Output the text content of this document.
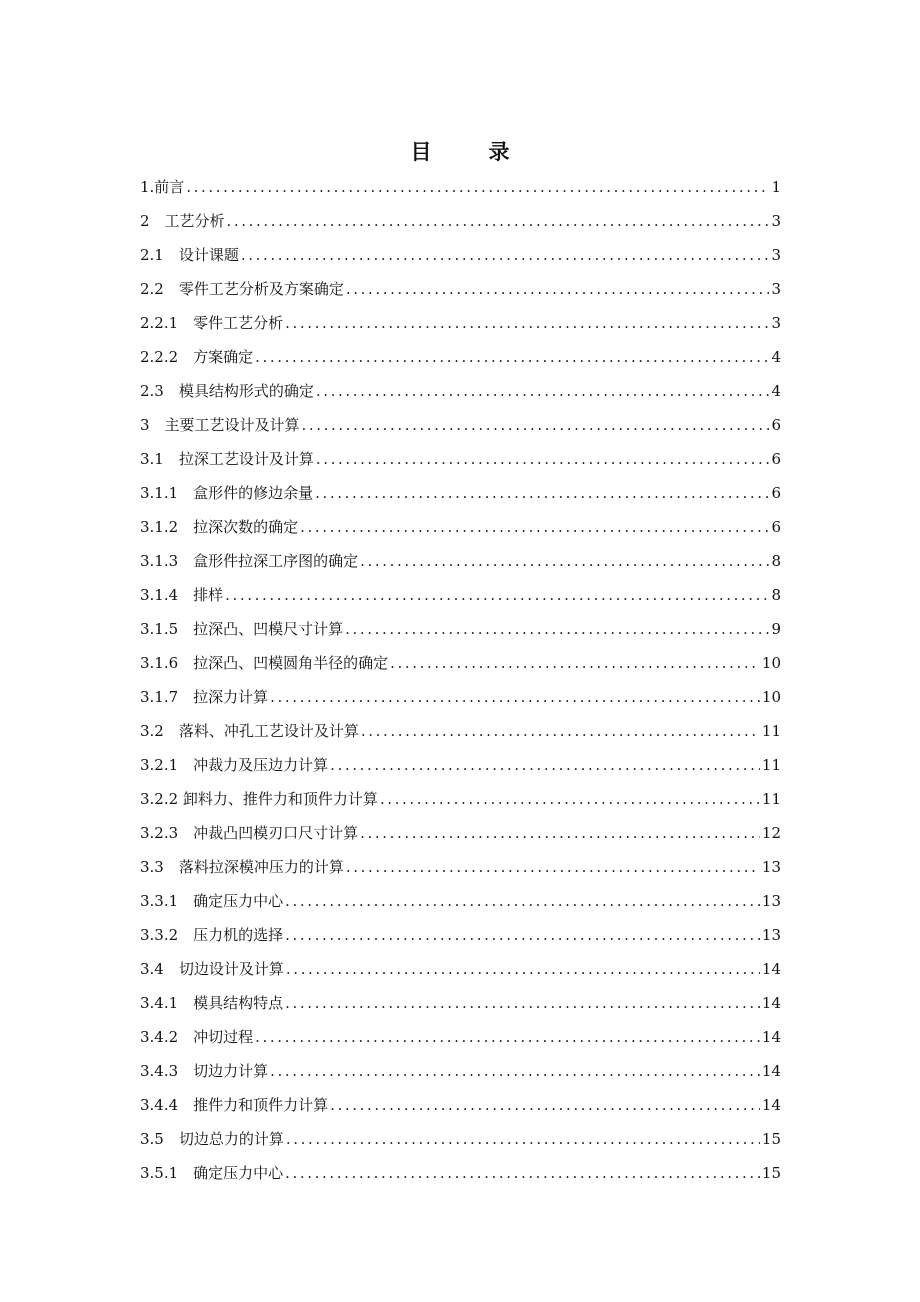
目　录
1.前言 .....	1
2　工艺分析 .....	3
2.1　设计课题 .....	3
2.2　零件工艺分析及方案确定 .....	3
2.2.1　零件工艺分析 .....	3
2.2.2　方案确定 .....	4
2.3　模具结构形式的确定 .....	4
3　主要工艺设计及计算 .....	6
3.1　拉深工艺设计及计算 .....	6
3.1.1　盒形件的修边余量 .....	6
3.1.2　拉深次数的确定 .....	6
3.1.3　盒形件拉深工序图的确定 .....	8
3.1.4　排样 .....	8
3.1.5　拉深凸、凹模尺寸计算 .....	9
3.1.6　拉深凸、凹模圆角半径的确定 .....	10
3.1.7　拉深力计算 .....	10
3.2　落料、冲孔工艺设计及计算 .....	11
3.2.1　冲裁力及压边力计算 .....	11
3.2.2 卸料力、推件力和顶件力计算 .....	11
3.2.3　冲裁凸凹模刃口尺寸计算 .....	12
3.3　落料拉深模冲压力的计算 .....	13
3.3.1　确定压力中心 .....	13
3.3.2　压力机的选择 .....	13
3.4　切边设计及计算 .....	14
3.4.1　模具结构特点 .....	14
3.4.2　冲切过程 .....	14
3.4.3　切边力计算 .....	14
3.4.4　推件力和顶件力计算 .....	14
3.5　切边总力的计算 .....	15
3.5.1　确定压力中心 .....	15
